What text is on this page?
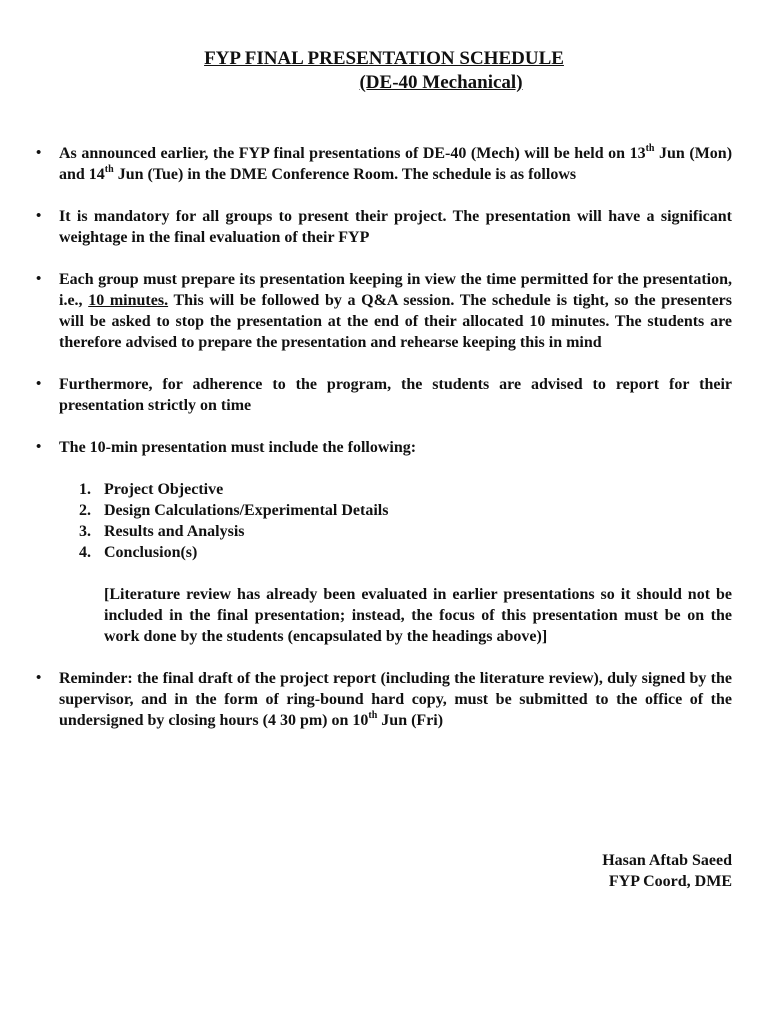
FYP FINAL PRESENTATION SCHEDULE
(DE-40 Mechanical)
• As announced earlier, the FYP final presentations of DE-40 (Mech) will be held on 13th Jun (Mon) and 14th Jun (Tue) in the DME Conference Room. The schedule is as follows
• It is mandatory for all groups to present their project. The presentation will have a significant weightage in the final evaluation of their FYP
• Each group must prepare its presentation keeping in view the time permitted for the presentation, i.e., 10 minutes. This will be followed by a Q&A session. The schedule is tight, so the presenters will be asked to stop the presentation at the end of their allocated 10 minutes. The students are therefore advised to prepare the presentation and rehearse keeping this in mind
• Furthermore, for adherence to the program, the students are advised to report for their presentation strictly on time
• The 10-min presentation must include the following:
1. Project Objective
2. Design Calculations/Experimental Details
3. Results and Analysis
4. Conclusion(s)
[Literature review has already been evaluated in earlier presentations so it should not be included in the final presentation; instead, the focus of this presentation must be on the work done by the students (encapsulated by the headings above)]
• Reminder: the final draft of the project report (including the literature review), duly signed by the supervisor, and in the form of ring-bound hard copy, must be submitted to the office of the undersigned by closing hours (4 30 pm) on 10th Jun (Fri)
Hasan Aftab Saeed
FYP Coord, DME
